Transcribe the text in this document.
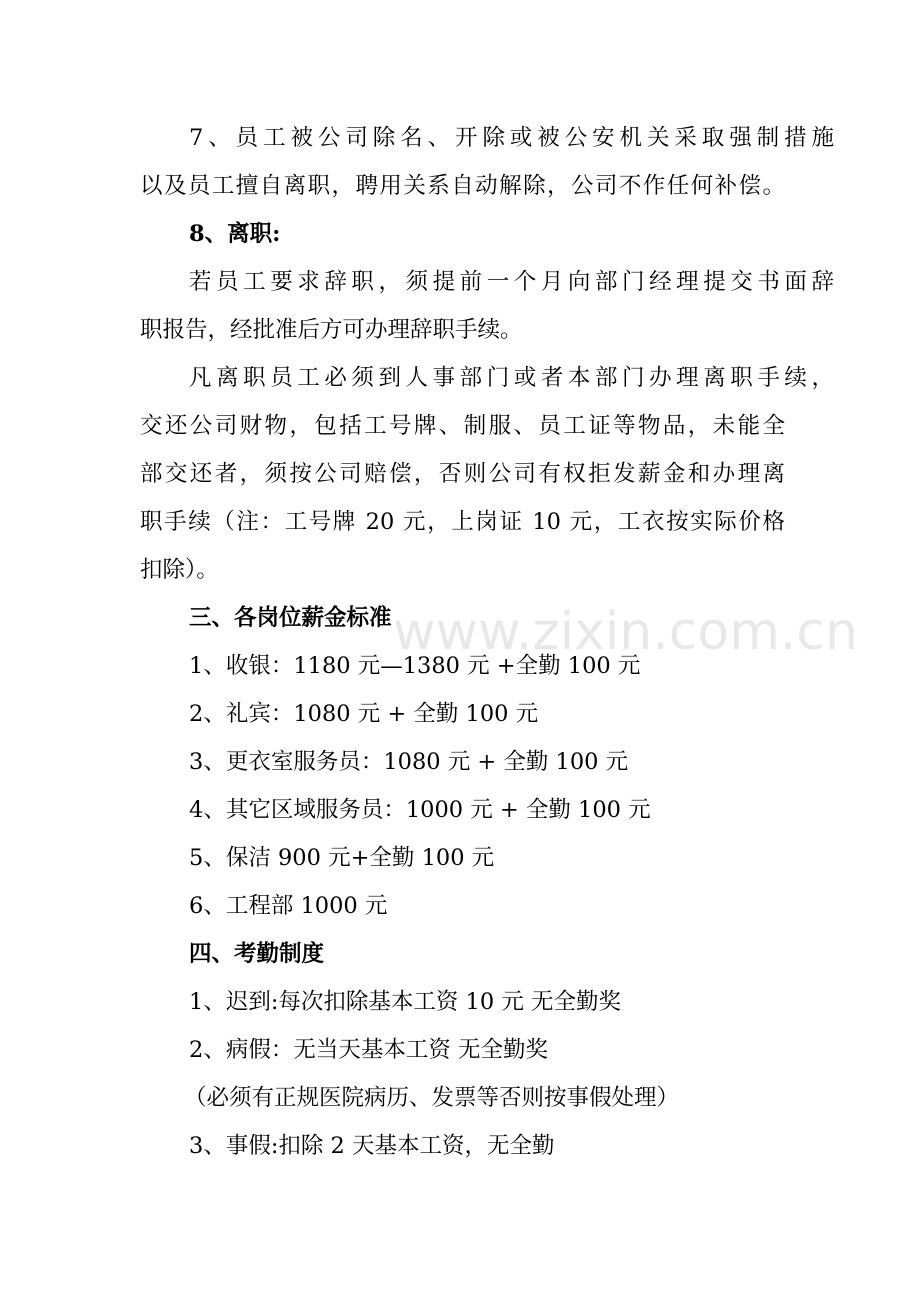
7、员工被公司除名、开除或被公安机关采取强制措施
以及员工擅自离职，聘用关系自动解除，公司不作任何补偿。
8、离职:
若员工要求辞职，须提前一个月向部门经理提交书面辞
职报告，经批准后方可办理辞职手续。
凡离职员工必须到人事部门或者本部门办理离职手续，
交还公司财物，包括工号牌、制服、员工证等物品，未能全
部交还者，须按公司赔偿，否则公司有权拒发薪金和办理离
职手续（注：工号牌 20 元，上岗证 10 元，工衣按实际价格
扣除）。
三、各岗位薪金标准
1、收银：1180 元—1380 元 +全勤 100 元
2、礼宾：1080 元 + 全勤 100 元
3、更衣室服务员：1080 元 + 全勤 100 元
4、其它区域服务员：1000 元 + 全勤 100 元
5、保洁 900 元+全勤 100 元
6、工程部 1000 元
四、考勤制度
1、迟到:每次扣除基本工资 10 元 无全勤奖
2、病假：无当天基本工资 无全勤奖
（必须有正规医院病历、发票等否则按事假处理）
3、事假:扣除 2 天基本工资，无全勤
www.zixin.com.cn
